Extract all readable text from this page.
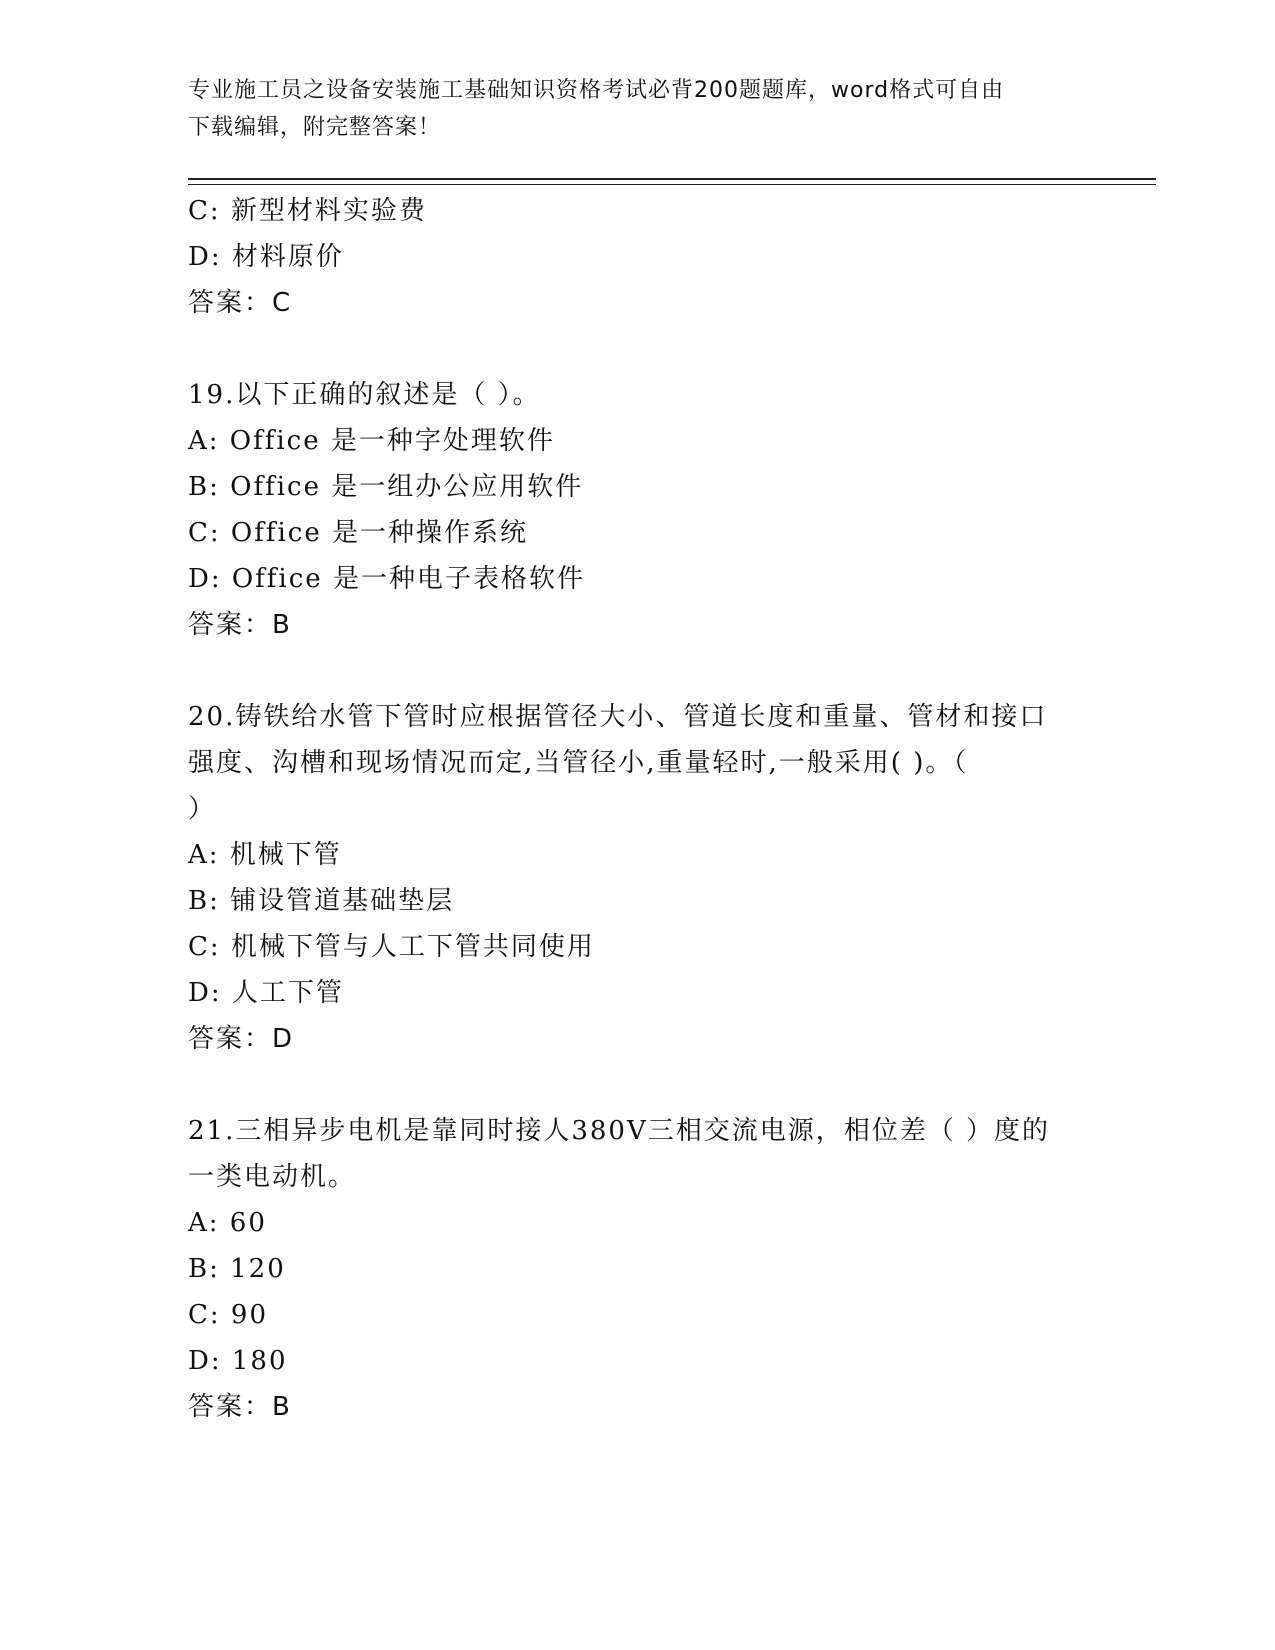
专业施工员之设备安装施工基础知识资格考试必背200题题库，word格式可自由
下载编辑，附完整答案！
C: 新型材料实验费
D: 材料原价
答案：C
19.以下正确的叙述是（ ）。
A: Office 是一种字处理软件
B: Office 是一组办公应用软件
C: Office 是一种操作系统
D: Office 是一种电子表格软件
答案：B
20.铸铁给水管下管时应根据管径大小、管道长度和重量、管材和接口
强度、沟槽和现场情况而定,当管径小,重量轻时,一般采用( )。（
）
A: 机械下管
B: 铺设管道基础垫层
C: 机械下管与人工下管共同使用
D: 人工下管
答案：D
21.三相异步电机是靠同时接人380V三相交流电源，相位差（ ）度的
一类电动机。
A: 60
B: 120
C: 90
D: 180
答案：B
